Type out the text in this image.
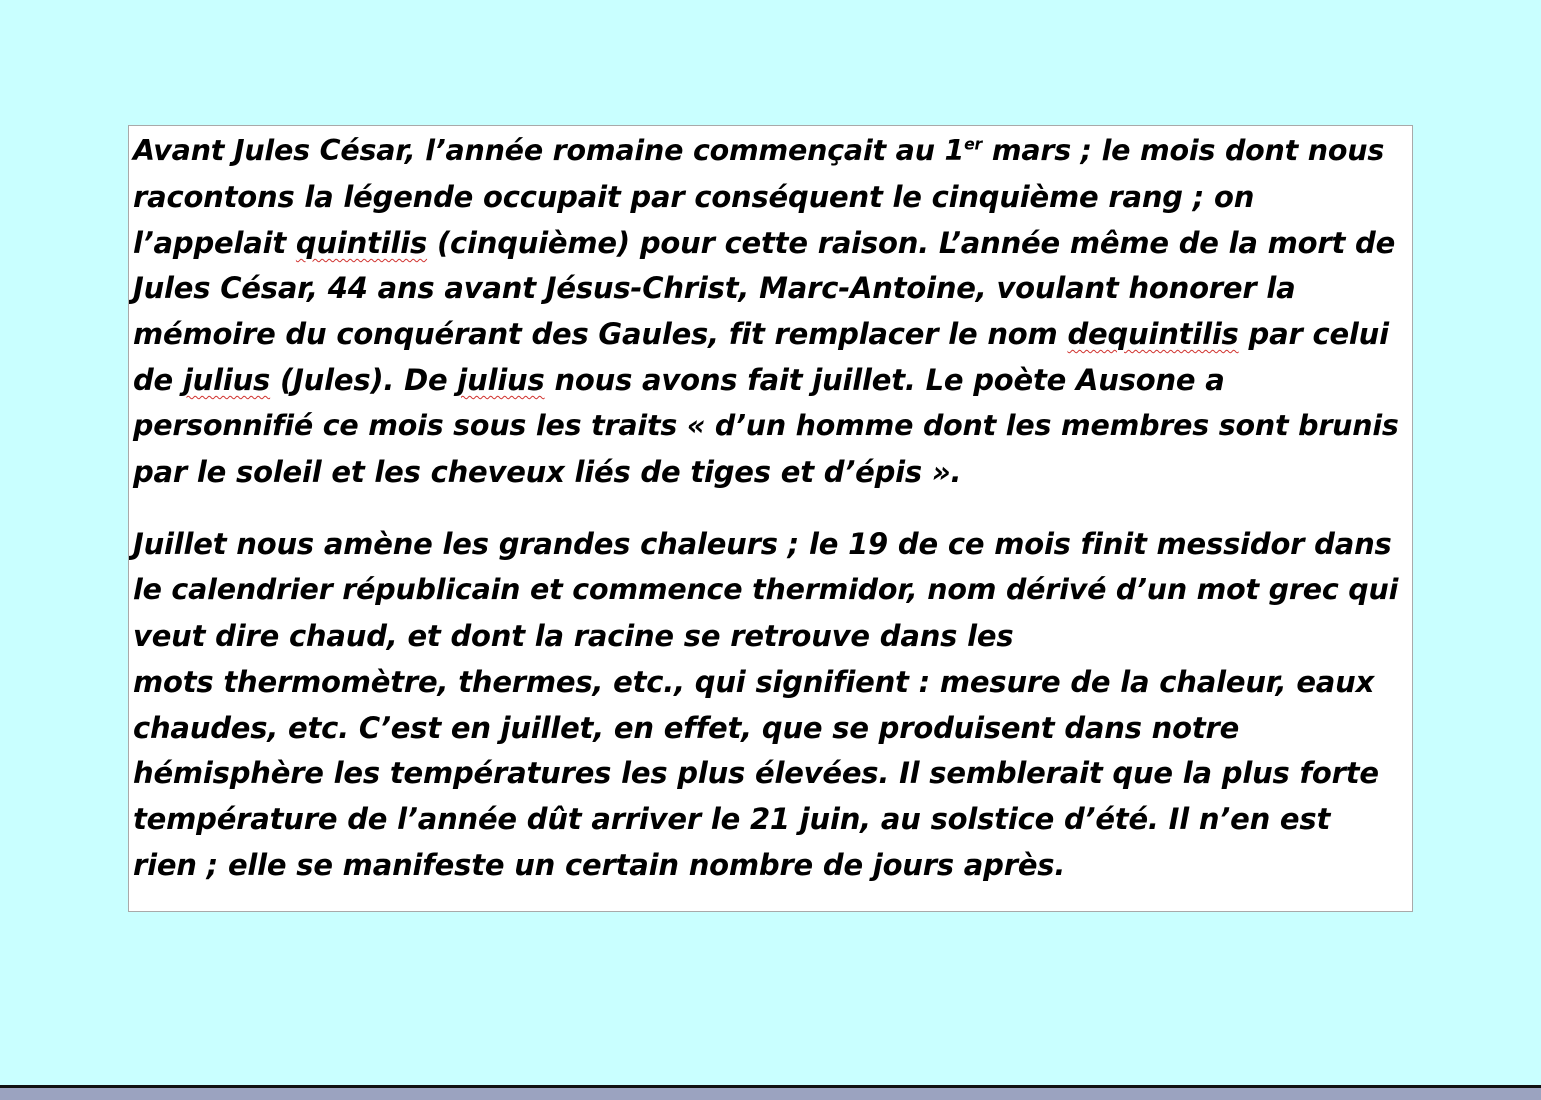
Avant Jules César, l’année romaine commençait au 1er mars ; le mois dont nous
racontons la légende occupait par conséquent le cinquième rang ; on
l’appelait quintilis (cinquième) pour cette raison. L’année même de la mort de
Jules César, 44 ans avant Jésus-Christ, Marc-Antoine, voulant honorer la
mémoire du conquérant des Gaules, fit remplacer le nom dequintilis par celui
de julius (Jules). De julius nous avons fait juillet. Le poète Ausone a
personnifié ce mois sous les traits « d’un homme dont les membres sont brunis
par le soleil et les cheveux liés de tiges et d’épis ».
Juillet nous amène les grandes chaleurs ; le 19 de ce mois finit messidor dans
le calendrier républicain et commence thermidor, nom dérivé d’un mot grec qui
veut dire chaud, et dont la racine se retrouve dans les
mots thermomètre, thermes, etc., qui signifient : mesure de la chaleur, eaux
chaudes, etc. C’est en juillet, en effet, que se produisent dans notre
hémisphère les températures les plus élevées. Il semblerait que la plus forte
température de l’année dût arriver le 21 juin, au solstice d’été. Il n’en est
rien ; elle se manifeste un certain nombre de jours après.
